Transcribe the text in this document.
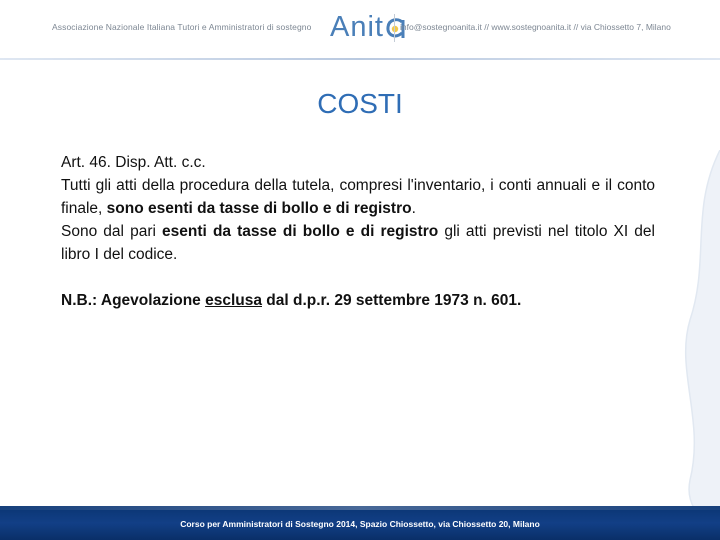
Associazione Nazionale Italiana Tutori e Amministratori di sostegno Anit	info@sostegnoanita.it // www.sostegnoanita.it // via Chiossetto 7, Milano
COSTI

Art. 46. Disp. Att. c.c.

Tutti gli atti della procedura della tutela, compresi l'inventario, i conti annuali e il conto finale, sono esenti da tasse di bollo e di registro.

Sono dal pari esenti da tasse di bollo e di registro gli atti previsti nel titolo XI del libro I del codice.

N.B.: Agevolazione esclusa dal d.p.r. 29 settembre 1973 n. 601.

Corso per Amministratori di Sostegno 2014, Spazio Chiossetto, via Chiossetto 20, Milano
